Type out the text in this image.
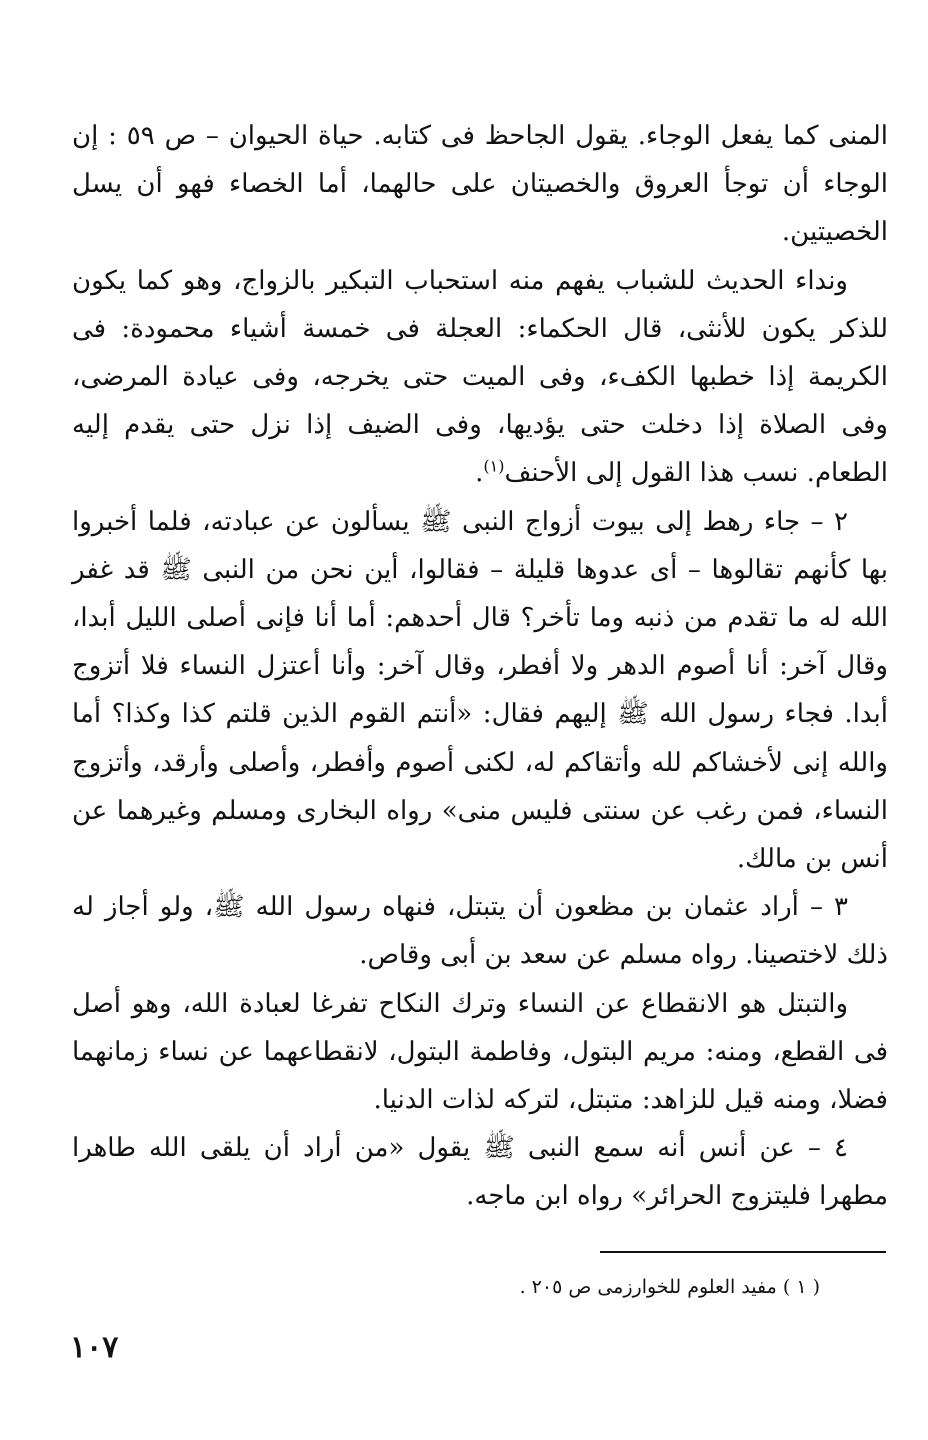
المنى كما يفعل الوجاء. يقول الجاحظ فى كتابه. حياة الحيوان – ص ٥٩ : إن الوجاء أن توجأ العروق والخصيتان على حالهما، أما الخصاء فهو أن يسل الخصيتين.

ونداء الحديث للشباب يفهم منه استحباب التبكير بالزواج، وهو كما يكون للذكر يكون للأنثى، قال الحكماء: العجلة فى خمسة أشياء محمودة: فى الكريمة إذا خطبها الكفء، وفى الميت حتى يخرجه، وفى عيادة المرضى، وفى الصلاة إذا دخلت حتى يؤديها، وفى الضيف إذا نزل حتى يقدم إليه الطعام. نسب هذا القول إلى الأحنف$^{(١)}$.

٢ – جاء رهط إلى بيوت أزواج النبى ﷺ يسألون عن عبادته، فلما أخبروا بها كأنهم تقالوها – أى عدوها قليلة – فقالوا، أين نحن من النبى ﷺ قد غفر الله له ما تقدم من ذنبه وما تأخر؟ قال أحدهم: أما أنا فإنى أصلى الليل أبدا، وقال آخر: أنا أصوم الدهر ولا أفطر، وقال آخر: وأنا أعتزل النساء فلا أتزوج أبدا. فجاء رسول الله ﷺ إليهم فقال: «أنتم القوم الذين قلتم كذا وكذا؟ أما والله إنى لأخشاكم لله وأتقاكم له، لكنى أصوم وأفطر، وأصلى وأرقد، وأتزوج النساء، فمن رغب عن سنتى فليس منى» رواه البخارى ومسلم وغيرهما عن أنس بن مالك.

٣ – أراد عثمان بن مظعون أن يتبتل، فنهاه رسول الله ﷺ، ولو أجاز له ذلك لاختصينا. رواه مسلم عن سعد بن أبى وقاص.

والتبتل هو الانقطاع عن النساء وترك النكاح تفرغا لعبادة الله، وهو أصل فى القطع، ومنه: مريم البتول، وفاطمة البتول، لانقطاعهما عن نساء زمانهما فضلا، ومنه قيل للزاهد: متبتل، لتركه لذات الدنيا.

٤ – عن أنس أنه سمع النبى ﷺ يقول «من أراد أن يلقى الله طاهرا مطهرا فليتزوج الحرائر» رواه ابن ماجه.

( ١ ) مفيد العلوم للخوارزمى ص ٢٠٥ .
١٠٧
